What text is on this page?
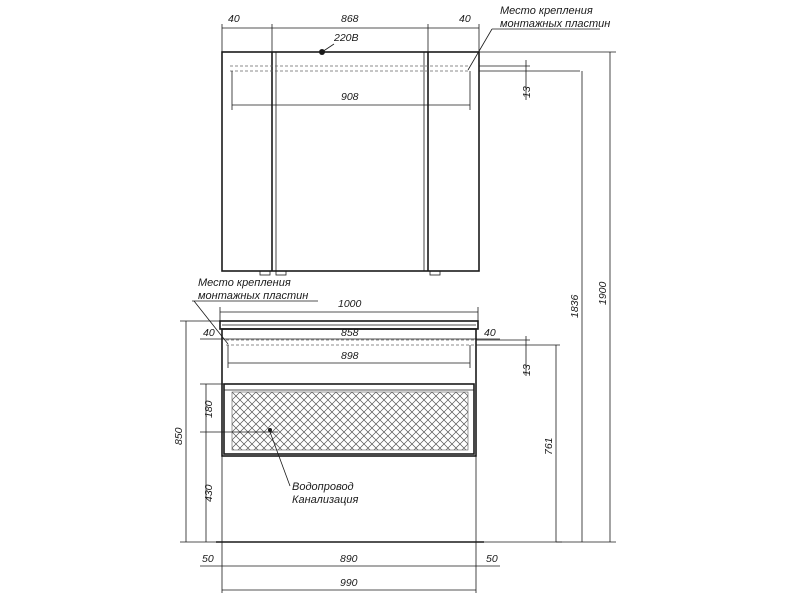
220В
40	868	40
908	13
Место крепления
монтажных пластин
1000
40	858	40
898
13
Место крепления
монтажных пластин
850
180
430	Водопровод
Канализация
761
50	890	50
990
1836
1900
